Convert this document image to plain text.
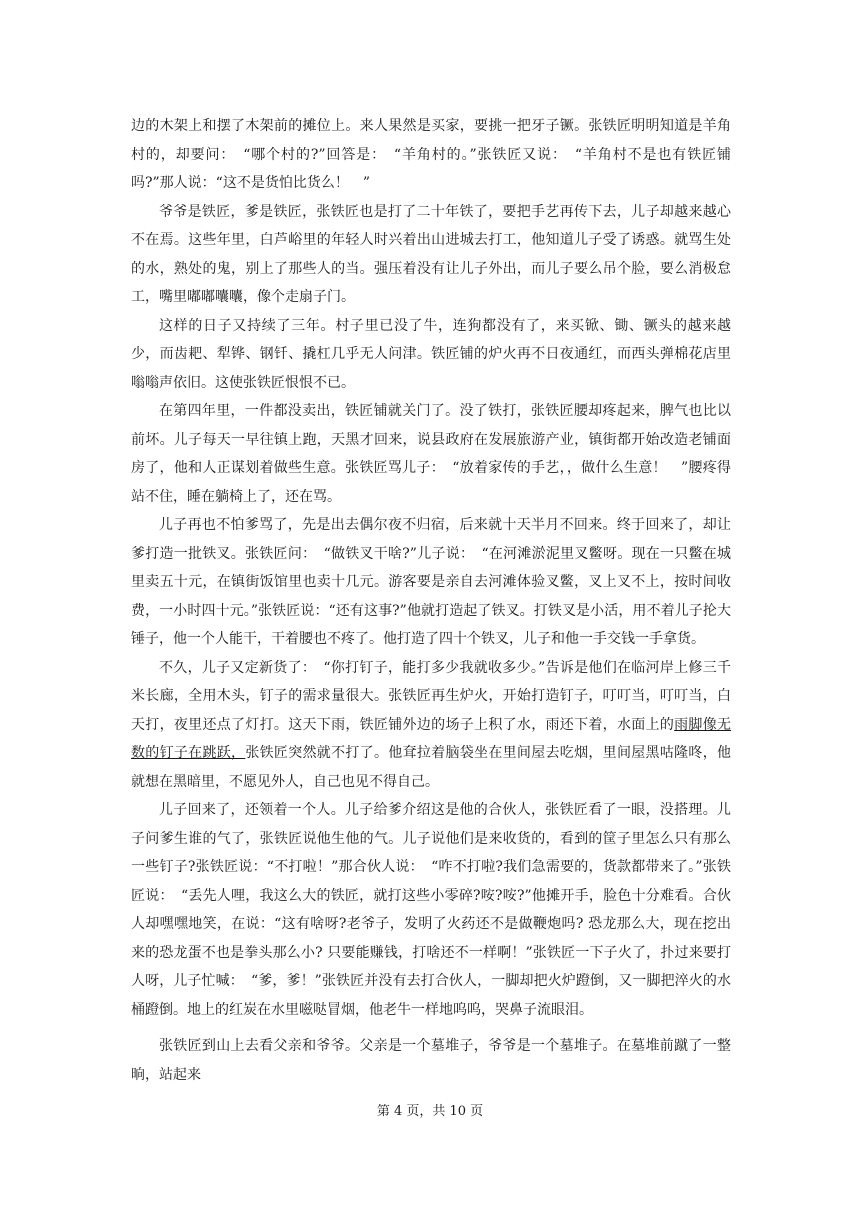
边的木架上和摆了木架前的摊位上。来人果然是买家，要挑一把牙子镢。张铁匠明明知道是羊角村的，却要问：　“哪个村的?”回答是：　“羊角村的。”张铁匠又说：　“羊角村不是也有铁匠铺吗?”那人说：“这不是货怕比货么！　”

爷爷是铁匠，爹是铁匠，张铁匠也是打了二十年铁了，要把手艺再传下去，儿子却越来越心不在焉。这些年里，白芦峪里的年轻人时兴着出山进城去打工，他知道儿子受了诱惑。就骂生处的水，熟处的鬼，别上了那些人的当。强压着没有让儿子外出，而儿子要么吊个脸，要么消极怠工，嘴里嘟嘟囔囔，像个走扇子门。

这样的日子又持续了三年。村子里已没了牛，连狗都没有了，来买锨、锄、镢头的越来越少，而齿耙、犁铧、钢钎、撬杠几乎无人问津。铁匠铺的炉火再不日夜通红，而西头弹棉花店里嗡嗡声依旧。这使张铁匠恨恨不已。

在第四年里，一件都没卖出，铁匠铺就关门了。没了铁打，张铁匠腰却疼起来，脾气也比以前坏。儿子每天一早往镇上跑，天黑才回来，说县政府在发展旅游产业，镇街都开始改造老铺面房了，他和人正谋划着做些生意。张铁匠骂儿子：　“放着家传的手艺，，做什么生意！　”腰疼得站不住，睡在躺椅上了，还在骂。

儿子再也不怕爹骂了，先是出去偶尔夜不归宿，后来就十天半月不回来。终于回来了，却让爹打造一批铁叉。张铁匠问：　“做铁叉干啥?”儿子说：　“在河滩淤泥里叉鳖呀。现在一只鳖在城里卖五十元，在镇街饭馆里也卖十几元。游客要是亲自去河滩体验叉鳖，叉上叉不上，按时间收费，一小时四十元。”张铁匠说：“还有这事?”他就打造起了铁叉。打铁叉是小活，用不着儿子抡大锤子，他一个人能干，干着腰也不疼了。他打造了四十个铁叉，儿子和他一手交钱一手拿货。

不久，儿子又定新货了：　“你打钉子，能打多少我就收多少。”告诉是他们在临河岸上修三千米长廊，全用木头，钉子的需求量很大。张铁匠再生炉火，开始打造钉子，叮叮当，叮叮当，白天打，夜里还点了灯打。这天下雨，铁匠铺外边的场子上积了水，雨还下着，水面上的雨脚像无数的钉子在跳跃，张铁匠突然就不打了。他耷拉着脑袋坐在里间屋去吃烟，里间屋黑咕隆咚，他就想在黑暗里，不愿见外人，自己也见不得自己。

儿子回来了，还领着一个人。儿子给爹介绍这是他的合伙人，张铁匠看了一眼，没搭理。儿子问爹生谁的气了，张铁匠说他生他的气。儿子说他们是来收货的，看到的筐子里怎么只有那么一些钉子?张铁匠说：“不打啦！”那合伙人说：　“咋不打啦?我们急需要的，货款都带来了。”张铁匠说：　“丢先人哩，我这么大的铁匠，就打这些小零碎?咹?咹?”他摊开手，脸色十分难看。合伙人却嘿嘿地笑，在说：“这有啥呀?老爷子，发明了火药还不是做鞭炮吗? 恐龙那么大，现在挖出来的恐龙蛋不也是拳头那么小? 只要能赚钱，打啥还不一样啊！”张铁匠一下子火了，扑过来要打人呀，儿子忙喊：　“爹，爹！”张铁匠并没有去打合伙人，一脚却把火炉蹬倒，又一脚把淬火的水桶蹬倒。地上的红炭在水里嗞哒冒烟，他老牛一样地呜呜，哭鼻子流眼泪。

张铁匠到山上去看父亲和爷爷。父亲是一个墓堆子，爷爷是一个墓堆子。在墓堆前蹴了一整晌，站起来

第 4 页，共 10 页
